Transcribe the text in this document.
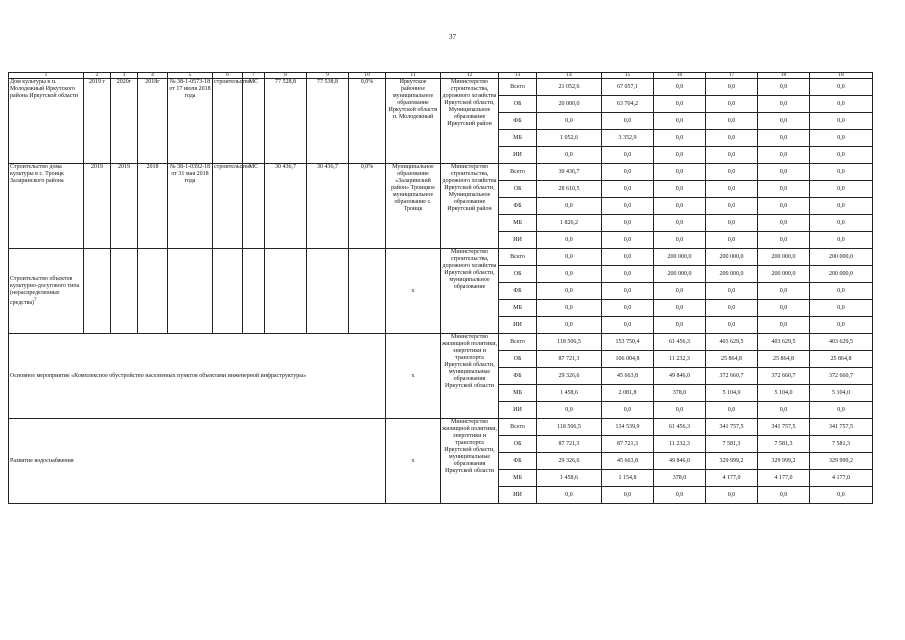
37
1	2	3	4	5	6	7	8	9	10	11	12	13	14	15	16	17	18	18
Дом культуры в п. Молодежный Иркутского района Иркутской области	2019 г	2020г	2018г	№ 38-1-0573-18 от 17 июля 2018 года	строительство	МС	77 528,8	77 538,8	0,0%	Иркутское районное муниципальное образование Иркутской области п. Молодежный	Министерство строительства, дорожного хозяйства Иркутской области, Муниципальное образование Иркутский район	Всего	21 052,6	67 057,1	0,0	0,0	0,0	0,0
												ОБ	20 000,0	63 704,2	0,0	0,0	0,0	0,0
												ФБ	0,0	0,0	0,0	0,0	0,0	0,0
												МБ	1 052,6	3 352,9	0,0	0,0	0,0	0,0
												ИИ	0,0	0,0	0,0	0,0	0,0	0,0
Строительство дома культуры в с. Троицк Заларинского района	2019	2019	2018	№ 38-1-0392-18 от 31 мая 2018 года	строительство	МС	30 436,7	30 436,7	0,0%	Муниципальное образование «Заларинский район» Троицкое муниципальное образование с. Троицк	Министерство строительства, дорожного хозяйства Иркутской области, Муниципальное образование Иркутский район	Всего	30 436,7	0,0	0,0	0,0	0,0	0,0
												ОБ	28 610,5	0,0	0,0	0,0	0,0	0,0
												ФБ	0,0	0,0	0,0	0,0	0,0	0,0
												МБ	1 826,2	0,0	0,0	0,0	0,0	0,0
												ИИ	0,0	0,0	0,0	0,0	0,0	0,0
Строительство объектов культурно-досугового типа (нераспределенные средства)$^7$										x	Министерство строительства, дорожного хозяйства Иркутской области, муниципальное образование	Всего	0,0	0,0	200 000,0	200 000,0	200 000,0	200 000,0
												ОБ	0,0	0,0	200 000,0	200 000,0	200 000,0	200 000,0
												ФБ	0,0	0,0	0,0	0,0	0,0	0,0
												МБ	0,0	0,0	0,0	0,0	0,0	0,0
												ИИ	0,0	0,0	0,0	0,0	0,0	0,0
Основное мероприятие «Комплексное обустройство населенных пунктов объектами инженерной инфраструктуры»										x	Министерство жилищной политики, энергетики и транспорта Иркутской области, муниципальные образования Иркутской области	Всего	118 506,5	153 750,4	61 456,3	403 629,5	403 629,5	403 629,5
												ОБ	87 721,3	106 004,8	11 232,3	25 864,8	25 864,8	25 864,8
												ФБ	29 326,6	45 663,8	49 846,0	372 660,7	372 660,7	372 660,7
												МБ	1 458,6	2 081,8	378,0	5 104,0	5 104,0	5 104,0
												ИИ	0,0	0,0	0,0	0,0	0,0	0,0
Развитие водоснабжения										x	Министерство жилищной политики, энергетики и транспорта Иркутской области, муниципальные образования Иркутской области	Всего	118 506,5	134 539,9	61 456,3	341 757,5	341 757,5	341 757,5
												ОБ	87 721,3	87 721,3	11 232,3	7 581,3	7 581,3	7 581,3
												ФБ	29 326,6	45 663,8	49 846,0	329 999,2	329 999,2	329 999,2
												МБ	1 458,6	1 154,8	378,0	4 177,0	4 177,0	4 177,0
												ИИ	0,0	0,0	0,0	0,0	0,0	0,0
